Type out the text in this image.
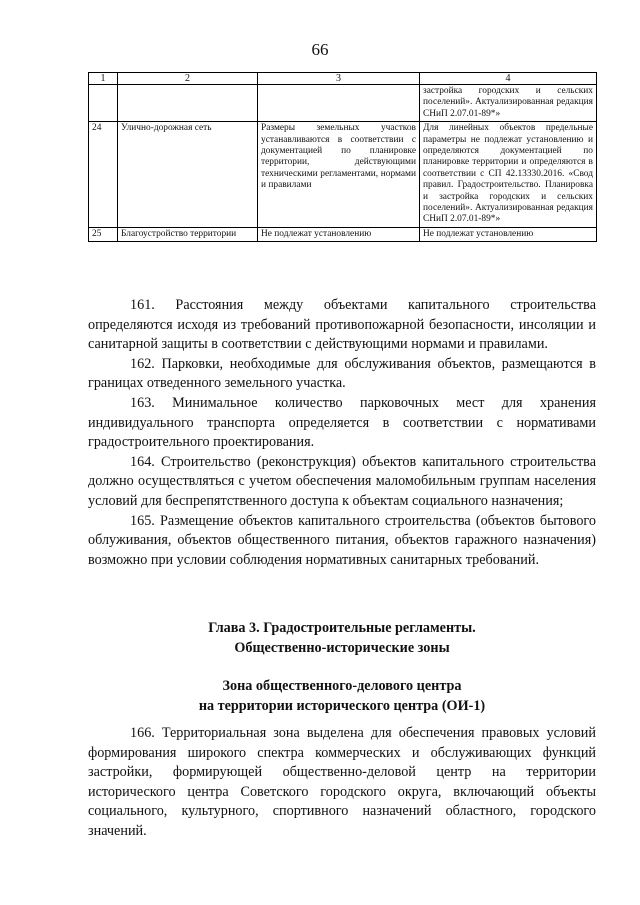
66
1	2	3	4
			застройка городских и сельских поселений». Актуализированная редакция СНиП 2.07.01-89*»
24	Улично-дорожная сеть	Размеры земельных участков устанавливаются в соответствии с документацией по планировке территории, действующими техническими регламентами, нормами и правилами	Для линейных объектов предельные параметры не подлежат установлению и определяются документацией по планировке территории и определяются в соответствии с СП 42.13330.2016. «Свод правил. Градостроительство. Планировка и застройка городских и сельских поселений». Актуализированная редакция СНиП 2.07.01-89*»
25	Благоустройство территории	Не подлежат установлению	Не подлежат установлению

161. Расстояния между объектами капитального строительства определяются исходя из требований противопожарной безопасности, инсоляции и санитарной защиты в соответствии с действующими нормами и правилами.

162. Парковки, необходимые для обслуживания объектов, размещаются в границах отведенного земельного участка.

163. Минимальное количество парковочных мест для хранения индивидуального транспорта определяется в соответствии с нормативами градостроительного проектирования.

164. Строительство (реконструкция) объектов капитального строительства должно осуществляться с учетом обеспечения маломобильным группам населения условий для беспрепятственного доступа к объектам социального назначения;

165. Размещение объектов капитального строительства (объектов бытового облуживания, объектов общественного питания, объектов гаражного назначения) возможно при условии соблюдения нормативных санитарных требований.

Глава 3. Градостроительные регламенты.
Общественно-исторические зоны
Зона общественного-делового центра
на территории исторического центра (ОИ-1)

166. Территориальная зона выделена для обеспечения правовых условий формирования широкого спектра коммерческих и обслуживающих функций застройки, формирующей общественно-деловой центр на территории исторического центра Советского городского округа, включающий объекты социального, культурного, спортивного назначений областного, городского значений.
